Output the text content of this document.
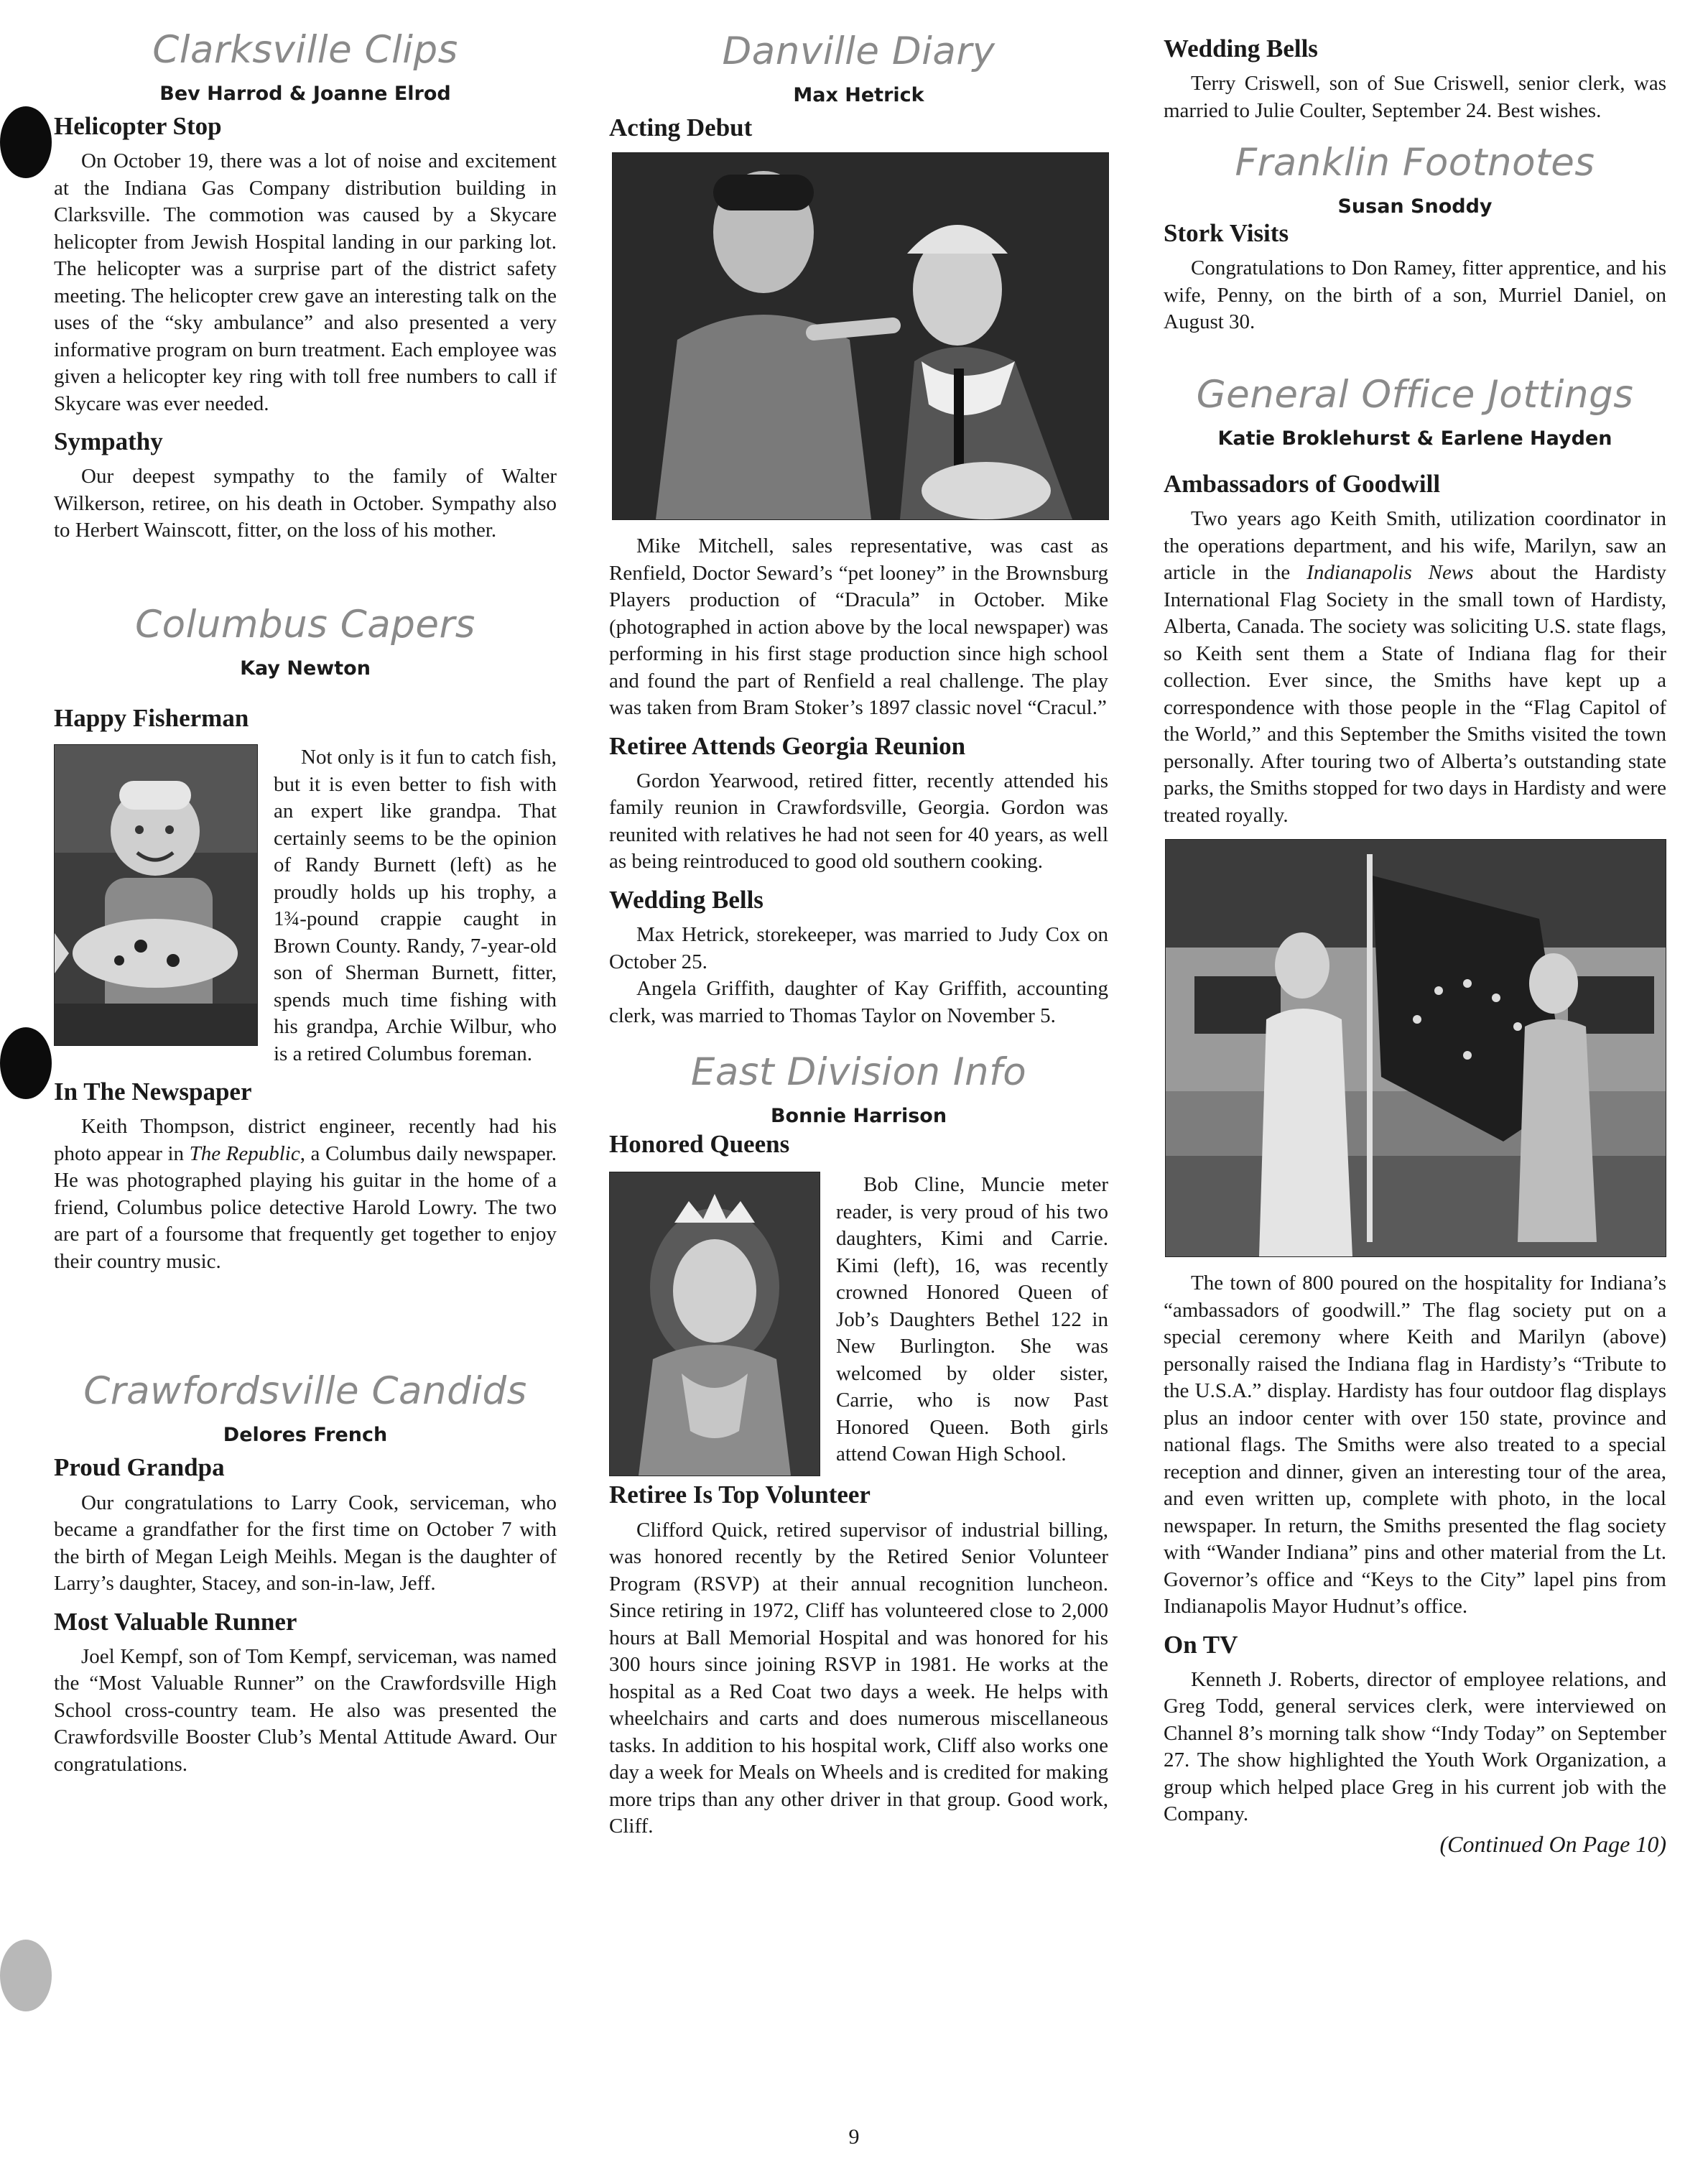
Clarksville Clips
Bev Harrod & Joanne Elrod
Helicopter Stop

On October 19, there was a lot of noise and excitement at the Indiana Gas Company distribution building in Clarksville. The commotion was caused by a Skycare helicopter from Jewish Hospital landing in our parking lot. The helicopter was a surprise part of the district safety meeting. The helicopter crew gave an interesting talk on the uses of the “sky ambulance” and also presented a very informative program on burn treatment. Each employee was given a helicopter key ring with toll free numbers to call if Skycare was ever needed.

Sympathy

Our deepest sympathy to the family of Walter Wilkerson, retiree, on his death in October. Sympathy also to Herbert Wainscott, fitter, on the loss of his mother.

Columbus Capers
Kay Newton
Happy Fisherman

Not only is it fun to catch fish, but it is even better to fish with an expert like grandpa. That certainly seems to be the opinion of Randy Burnett (left) as he proudly holds up his trophy, a 1¾-pound crappie caught in Brown County. Randy, 7-year-old son of Sherman Burnett, fitter, spends much time fishing with his grandpa, Archie Wilbur, who is a retired Columbus foreman.

In The Newspaper

Keith Thompson, district engineer, recently had his photo appear in The Republic, a Columbus daily newspaper. He was photographed playing his guitar in the home of a friend, Columbus police detective Harold Lowry. The two are part of a foursome that frequently get together to enjoy their country music.

Crawfordsville Candids
Delores French
Proud Grandpa

Our congratulations to Larry Cook, serviceman, who became a grandfather for the first time on October 7 with the birth of Megan Leigh Meihls. Megan is the daughter of Larry’s daughter, Stacey, and son-in-law, Jeff.

Most Valuable Runner

Joel Kempf, son of Tom Kempf, serviceman, was named the “Most Valuable Runner” on the Crawfordsville High School cross-country team. He also was presented the Crawfordsville Booster Club’s Mental Attitude Award. Our congratulations.

Danville Diary
Max Hetrick
Acting Debut

Mike Mitchell, sales representative, was cast as Renfield, Doctor Seward’s “pet looney” in the Brownsburg Players production of “Dracula” in October. Mike (photographed in action above by the local newspaper) was performing in his first stage production since high school and found the part of Renfield a real challenge. The play was taken from Bram Stoker’s 1897 classic novel “Cracul.”

Retiree Attends Georgia Reunion

Gordon Yearwood, retired fitter, recently attended his family reunion in Crawfordsville, Georgia. Gordon was reunited with relatives he had not seen for 40 years, as well as being reintroduced to good old southern cooking.

Wedding Bells

Max Hetrick, storekeeper, was married to Judy Cox on October 25.

Angela Griffith, daughter of Kay Griffith, accounting clerk, was married to Thomas Taylor on November 5.

East Division Info
Bonnie Harrison
Honored Queens

Bob Cline, Muncie meter reader, is very proud of his two daughters, Kimi and Carrie. Kimi (left), 16, was recently crowned Honored Queen of Job’s Daughters Bethel 122 in New Burlington. She was welcomed by older sister, Carrie, who is now Past Honored Queen. Both girls attend Cowan High School.

Retiree Is Top Volunteer

Clifford Quick, retired supervisor of industrial billing, was honored recently by the Retired Senior Volunteer Program (RSVP) at their annual recognition luncheon. Since retiring in 1972, Cliff has volunteered close to 2,000 hours at Ball Memorial Hospital and was honored for his 300 hours since joining RSVP in 1981. He works at the hospital as a Red Coat two days a week. He helps with wheelchairs and carts and does numerous miscellaneous tasks. In addition to his hospital work, Cliff also works one day a week for Meals on Wheels and is credited for making more trips than any other driver in that group. Good work, Cliff.

Wedding Bells

Terry Criswell, son of Sue Criswell, senior clerk, was married to Julie Coulter, September 24. Best wishes.

Franklin Footnotes
Susan Snoddy
Stork Visits

Congratulations to Don Ramey, fitter apprentice, and his wife, Penny, on the birth of a son, Murriel Daniel, on August 30.

General Office Jottings
Katie Broklehurst & Earlene Hayden
Ambassadors of Goodwill

Two years ago Keith Smith, utilization coordinator in the operations department, and his wife, Marilyn, saw an article in the Indianapolis News about the Hardisty International Flag Society in the small town of Hardisty, Alberta, Canada. The society was soliciting U.S. state flags, so Keith sent them a State of Indiana flag for their collection. Ever since, the Smiths have kept up a correspondence with those people in the “Flag Capitol of the World,” and this September the Smiths visited the town personally. After touring two of Alberta’s outstanding state parks, the Smiths stopped for two days in Hardisty and were treated royally.

The town of 800 poured on the hospitality for Indiana’s “ambassadors of goodwill.” The flag society put on a special ceremony where Keith and Marilyn (above) personally raised the Indiana flag in Hardisty’s “Tribute to the U.S.A.” display. Hardisty has four outdoor flag displays plus an indoor center with over 150 state, province and national flags. The Smiths were also treated to a special reception and dinner, given an interesting tour of the area, and even written up, complete with photo, in the local newspaper. In return, the Smiths presented the flag society with “Wander Indiana” pins and other material from the Lt. Governor’s office and “Keys to the City” lapel pins from Indianapolis Mayor Hudnut’s office.

On TV

Kenneth J. Roberts, director of employee relations, and Greg Todd, general services clerk, were interviewed on Channel 8’s morning talk show “Indy Today” on September 27. The show highlighted the Youth Work Organization, a group which helped place Greg in his current job with the Company.

(Continued On Page 10)
9
